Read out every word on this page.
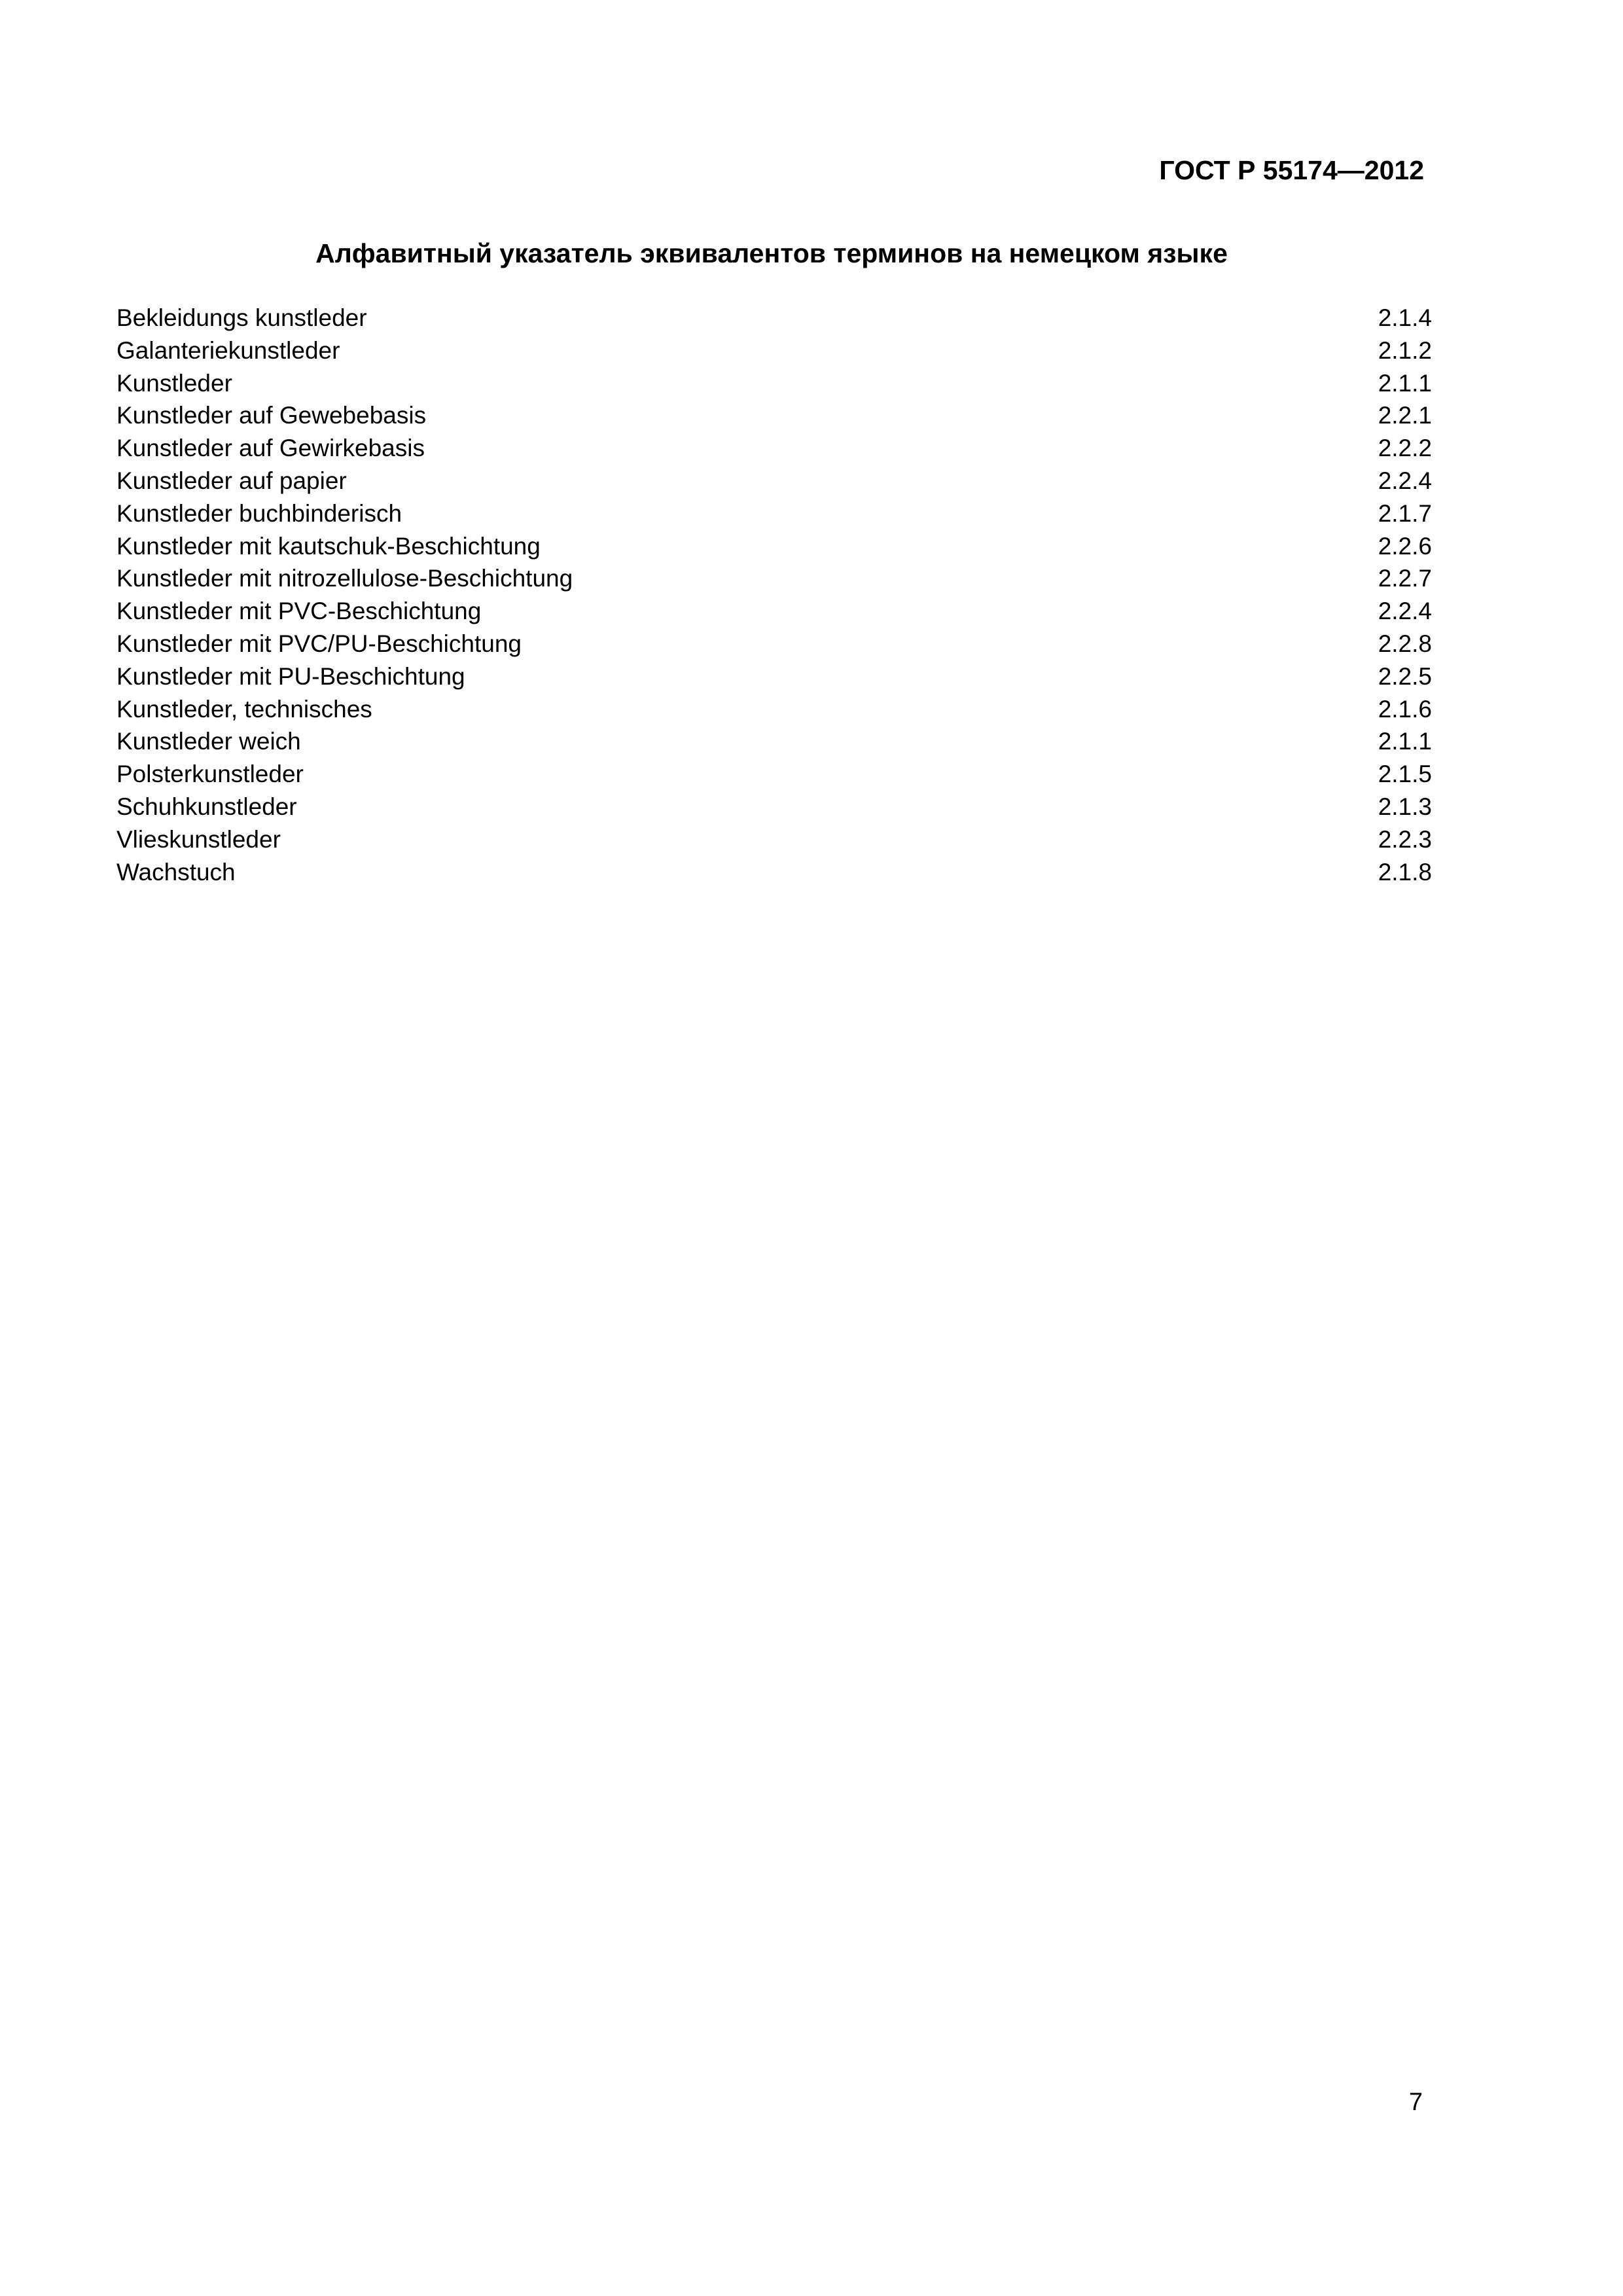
ГОСТ Р 55174—2012
Алфавитный указатель эквивалентов терминов на немецком языке
Bekleidungs kunstleder	2.1.4
Galanteriekunstleder	2.1.2
Kunstleder	2.1.1
Kunstleder auf Gewebebasis	2.2.1
Kunstleder auf Gewirkebasis	2.2.2
Kunstleder auf papier	2.2.4
Kunstleder buchbinderisch	2.1.7
Kunstleder mit kautschuk-Beschichtung	2.2.6
Kunstleder mit nitrozellulose-Beschichtung	2.2.7
Kunstleder mit PVC-Beschichtung	2.2.4
Kunstleder mit PVC/PU-Beschichtung	2.2.8
Kunstleder mit PU-Beschichtung	2.2.5
Kunstleder, technisches	2.1.6
Kunstleder weich	2.1.1
Polsterkunstleder	2.1.5
Schuhkunstleder	2.1.3
Vlieskunstleder	2.2.3
Wachstuch	2.1.8
7
